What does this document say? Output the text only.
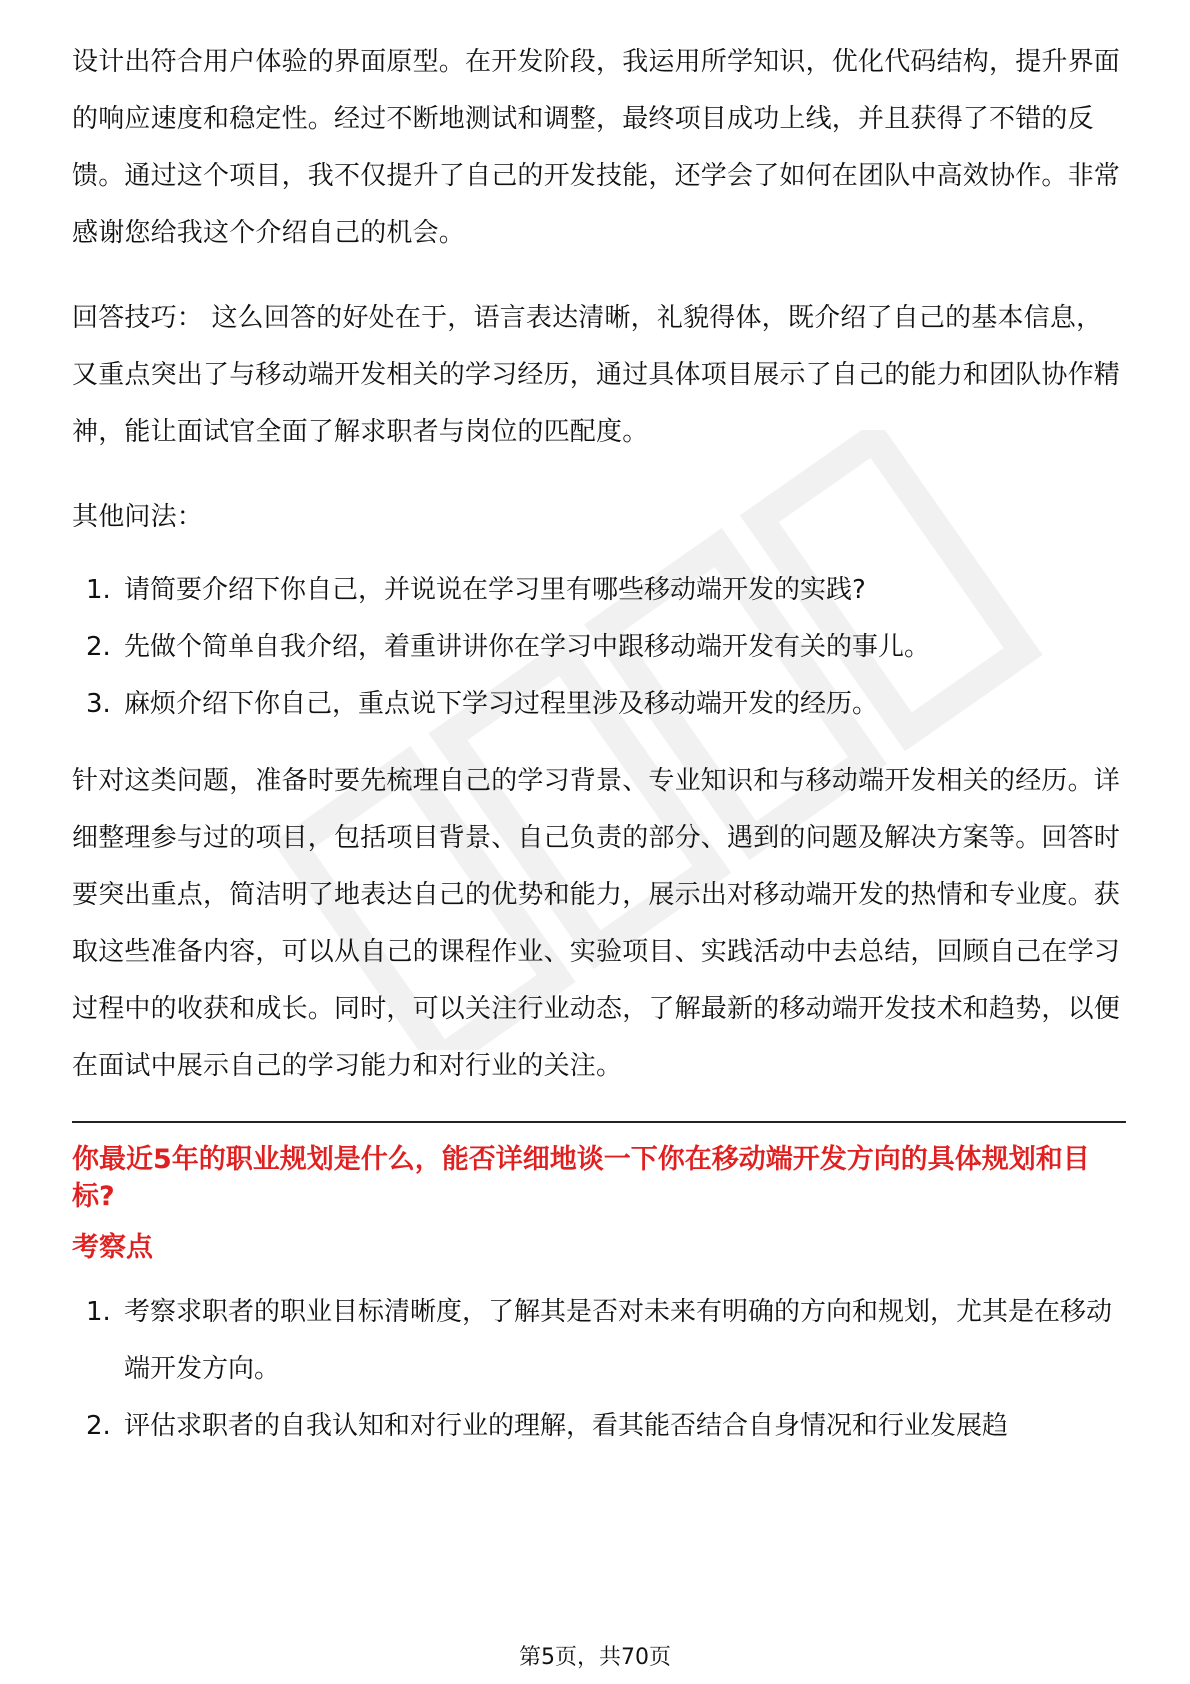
设计出符合用户体验的界面原型。在开发阶段，我运用所学知识，优化代码结构，提升界面的响应速度和稳定性。经过不断地测试和调整，最终项目成功上线，并且获得了不错的反馈。通过这个项目，我不仅提升了自己的开发技能，还学会了如何在团队中高效协作。非常感谢您给我这个介绍自己的机会。

回答技巧： 这么回答的好处在于，语言表达清晰，礼貌得体，既介绍了自己的基本信息，又重点突出了与移动端开发相关的学习经历，通过具体项目展示了自己的能力和团队协作精神，能让面试官全面了解求职者与岗位的匹配度。

其他问法：

1. 请简要介绍下你自己，并说说在学习里有哪些移动端开发的实践?
2. 先做个简单自我介绍，着重讲讲你在学习中跟移动端开发有关的事儿。
3. 麻烦介绍下你自己，重点说下学习过程里涉及移动端开发的经历。

针对这类问题，准备时要先梳理自己的学习背景、专业知识和与移动端开发相关的经历。详细整理参与过的项目，包括项目背景、自己负责的部分、遇到的问题及解决方案等。回答时要突出重点，简洁明了地表达自己的优势和能力，展示出对移动端开发的热情和专业度。获取这些准备内容，可以从自己的课程作业、实验项目、实践活动中去总结，回顾自己在学习过程中的收获和成长。同时，可以关注行业动态，了解最新的移动端开发技术和趋势，以便在面试中展示自己的学习能力和对行业的关注。

你最近5年的职业规划是什么，能否详细地谈一下你在移动端开发方向的具体规划和目标?

考察点

1. 考察求职者的职业目标清晰度，了解其是否对未来有明确的方向和规划，尤其是在移动端开发方向。
2. 评估求职者的自我认知和对行业的理解，看其能否结合自身情况和行业发展趋
第5页，共70页
